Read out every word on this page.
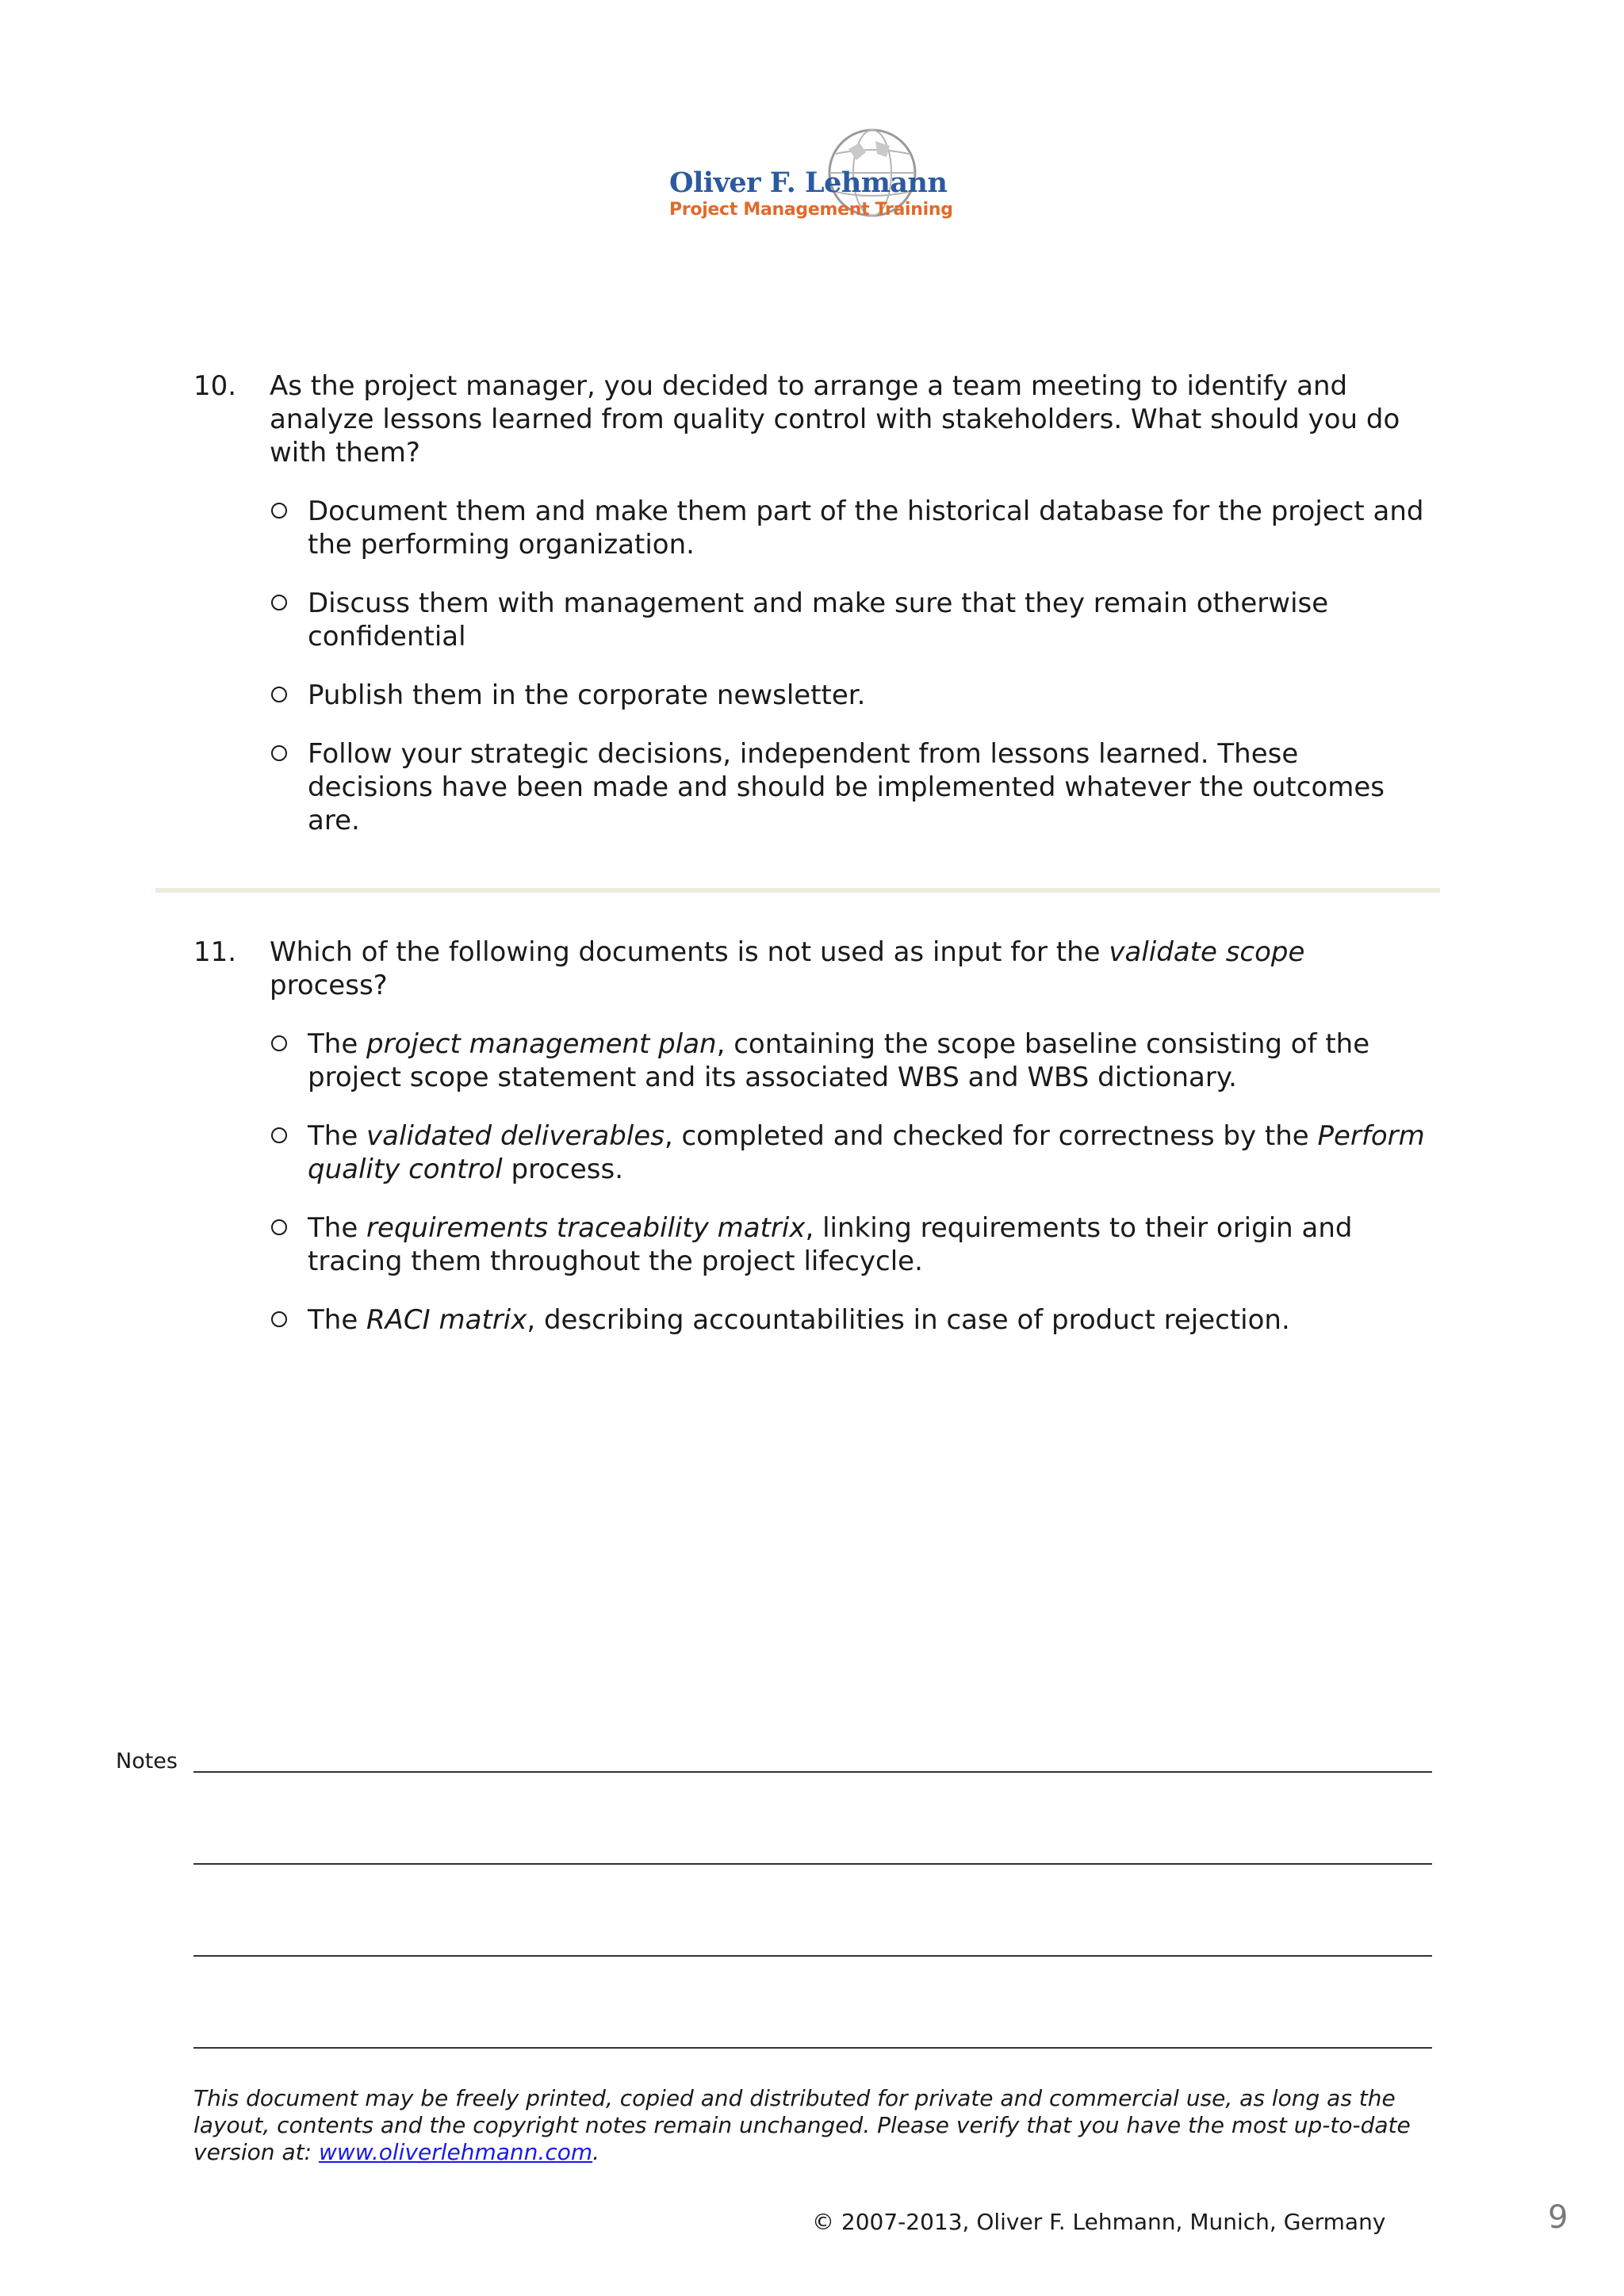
Oliver F. Lehmann
Project Management Training
10. As the project manager, you decided to arrange a team meeting to identify and analyze lessons learned from quality control with stakeholders. What should you do with them?
Document them and make them part of the historical database for the project and the performing organization.
Discuss them with management and make sure that they remain otherwise confidential
Publish them in the corporate newsletter.
Follow your strategic decisions, independent from lessons learned. These decisions have been made and should be implemented whatever the outcomes are.
11. Which of the following documents is not used as input for the validate scope process?
The project management plan, containing the scope baseline consisting of the project scope statement and its associated WBS and WBS dictionary.
The validated deliverables, completed and checked for correctness by the Perform quality control process.
The requirements traceability matrix, linking requirements to their origin and tracing them throughout the project lifecycle.
The RACI matrix, describing accountabilities in case of product rejection.
Notes
This document may be freely printed, copied and distributed for private and commercial use, as long as the layout, contents and the copyright notes remain unchanged. Please verify that you have the most up-to-date version at: www.oliverlehmann.com.
© 2007-2013, Oliver F. Lehmann, Munich, Germany	9
